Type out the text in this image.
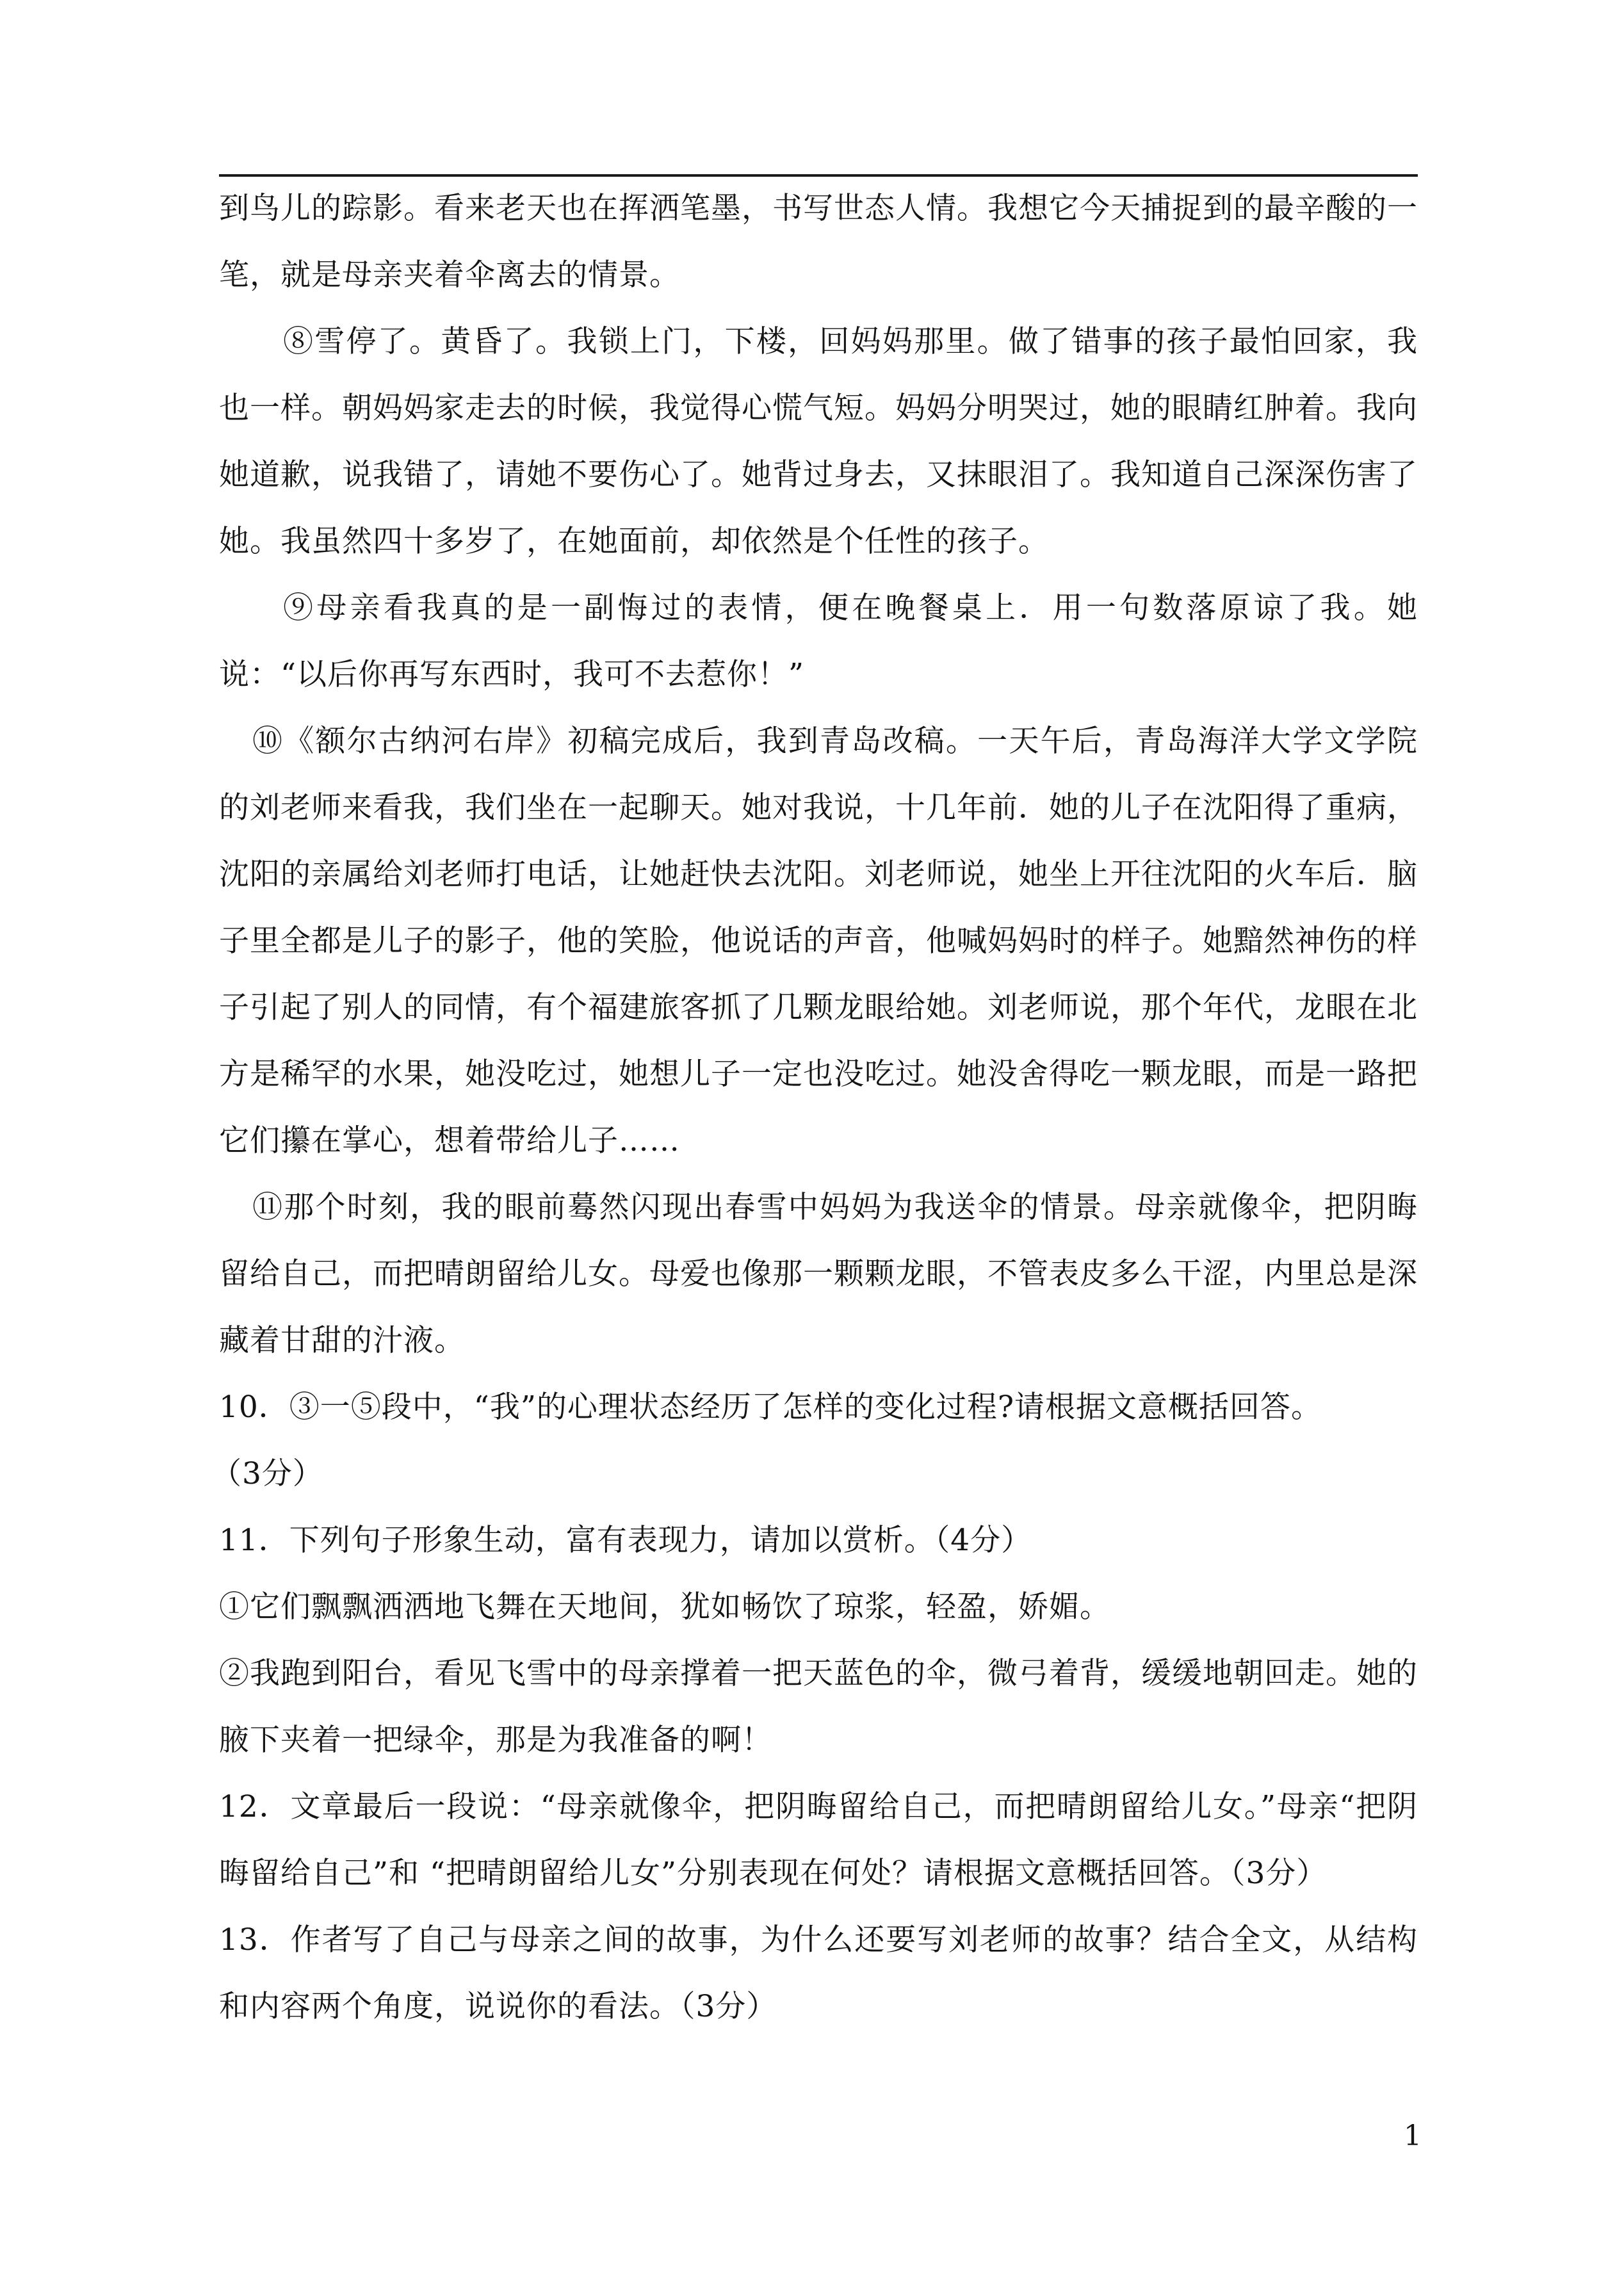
到鸟儿的踪影。看来老天也在挥洒笔墨，书写世态人情。我想它今天捕捉到的最辛酸的一笔，就是母亲夹着伞离去的情景。

⑧雪停了。黄昏了。我锁上门，下楼，回妈妈那里。做了错事的孩子最怕回家，我也一样。朝妈妈家走去的时候，我觉得心慌气短。妈妈分明哭过，她的眼睛红肿着。我向她道歉，说我错了，请她不要伤心了。她背过身去，又抹眼泪了。我知道自己深深伤害了她。我虽然四十多岁了，在她面前，却依然是个任性的孩子。

⑨母亲看我真的是一副悔过的表情，便在晚餐桌上．用一句数落原谅了我。她说：“以后你再写东西时，我可不去惹你！”

⑩《额尔古纳河右岸》初稿完成后，我到青岛改稿。一天午后，青岛海洋大学文学院的刘老师来看我，我们坐在一起聊天。她对我说，十几年前．她的儿子在沈阳得了重病，沈阳的亲属给刘老师打电话，让她赶快去沈阳。刘老师说，她坐上开往沈阳的火车后．脑子里全都是儿子的影子，他的笑脸，他说话的声音，他喊妈妈时的样子。她黯然神伤的样子引起了别人的同情，有个福建旅客抓了几颗龙眼给她。刘老师说，那个年代，龙眼在北方是稀罕的水果，她没吃过，她想儿子一定也没吃过。她没舍得吃一颗龙眼，而是一路把它们攥在掌心，想着带给儿子……

⑪那个时刻，我的眼前蓦然闪现出春雪中妈妈为我送伞的情景。母亲就像伞，把阴晦留给自己，而把晴朗留给儿女。母爱也像那一颗颗龙眼，不管表皮多么干涩，内里总是深藏着甘甜的汁液。

10．③一⑤段中，“我”的心理状态经历了怎样的变化过程?请根据文意概括回答。

（3分）

11．下列句子形象生动，富有表现力，请加以赏析。（4分）

①它们飘飘洒洒地飞舞在天地间，犹如畅饮了琼浆，轻盈，娇媚。

②我跑到阳台，看见飞雪中的母亲撑着一把天蓝色的伞，微弓着背，缓缓地朝回走。她的腋下夹着一把绿伞，那是为我准备的啊！

12．文章最后一段说：“母亲就像伞，把阴晦留给自己，而把晴朗留给儿女。”母亲“把阴晦留给自己”和 “把晴朗留给儿女”分别表现在何处？请根据文意概括回答。（3分）

13．作者写了自己与母亲之间的故事，为什么还要写刘老师的故事？结合全文，从结构和内容两个角度，说说你的看法。（3分）

1
